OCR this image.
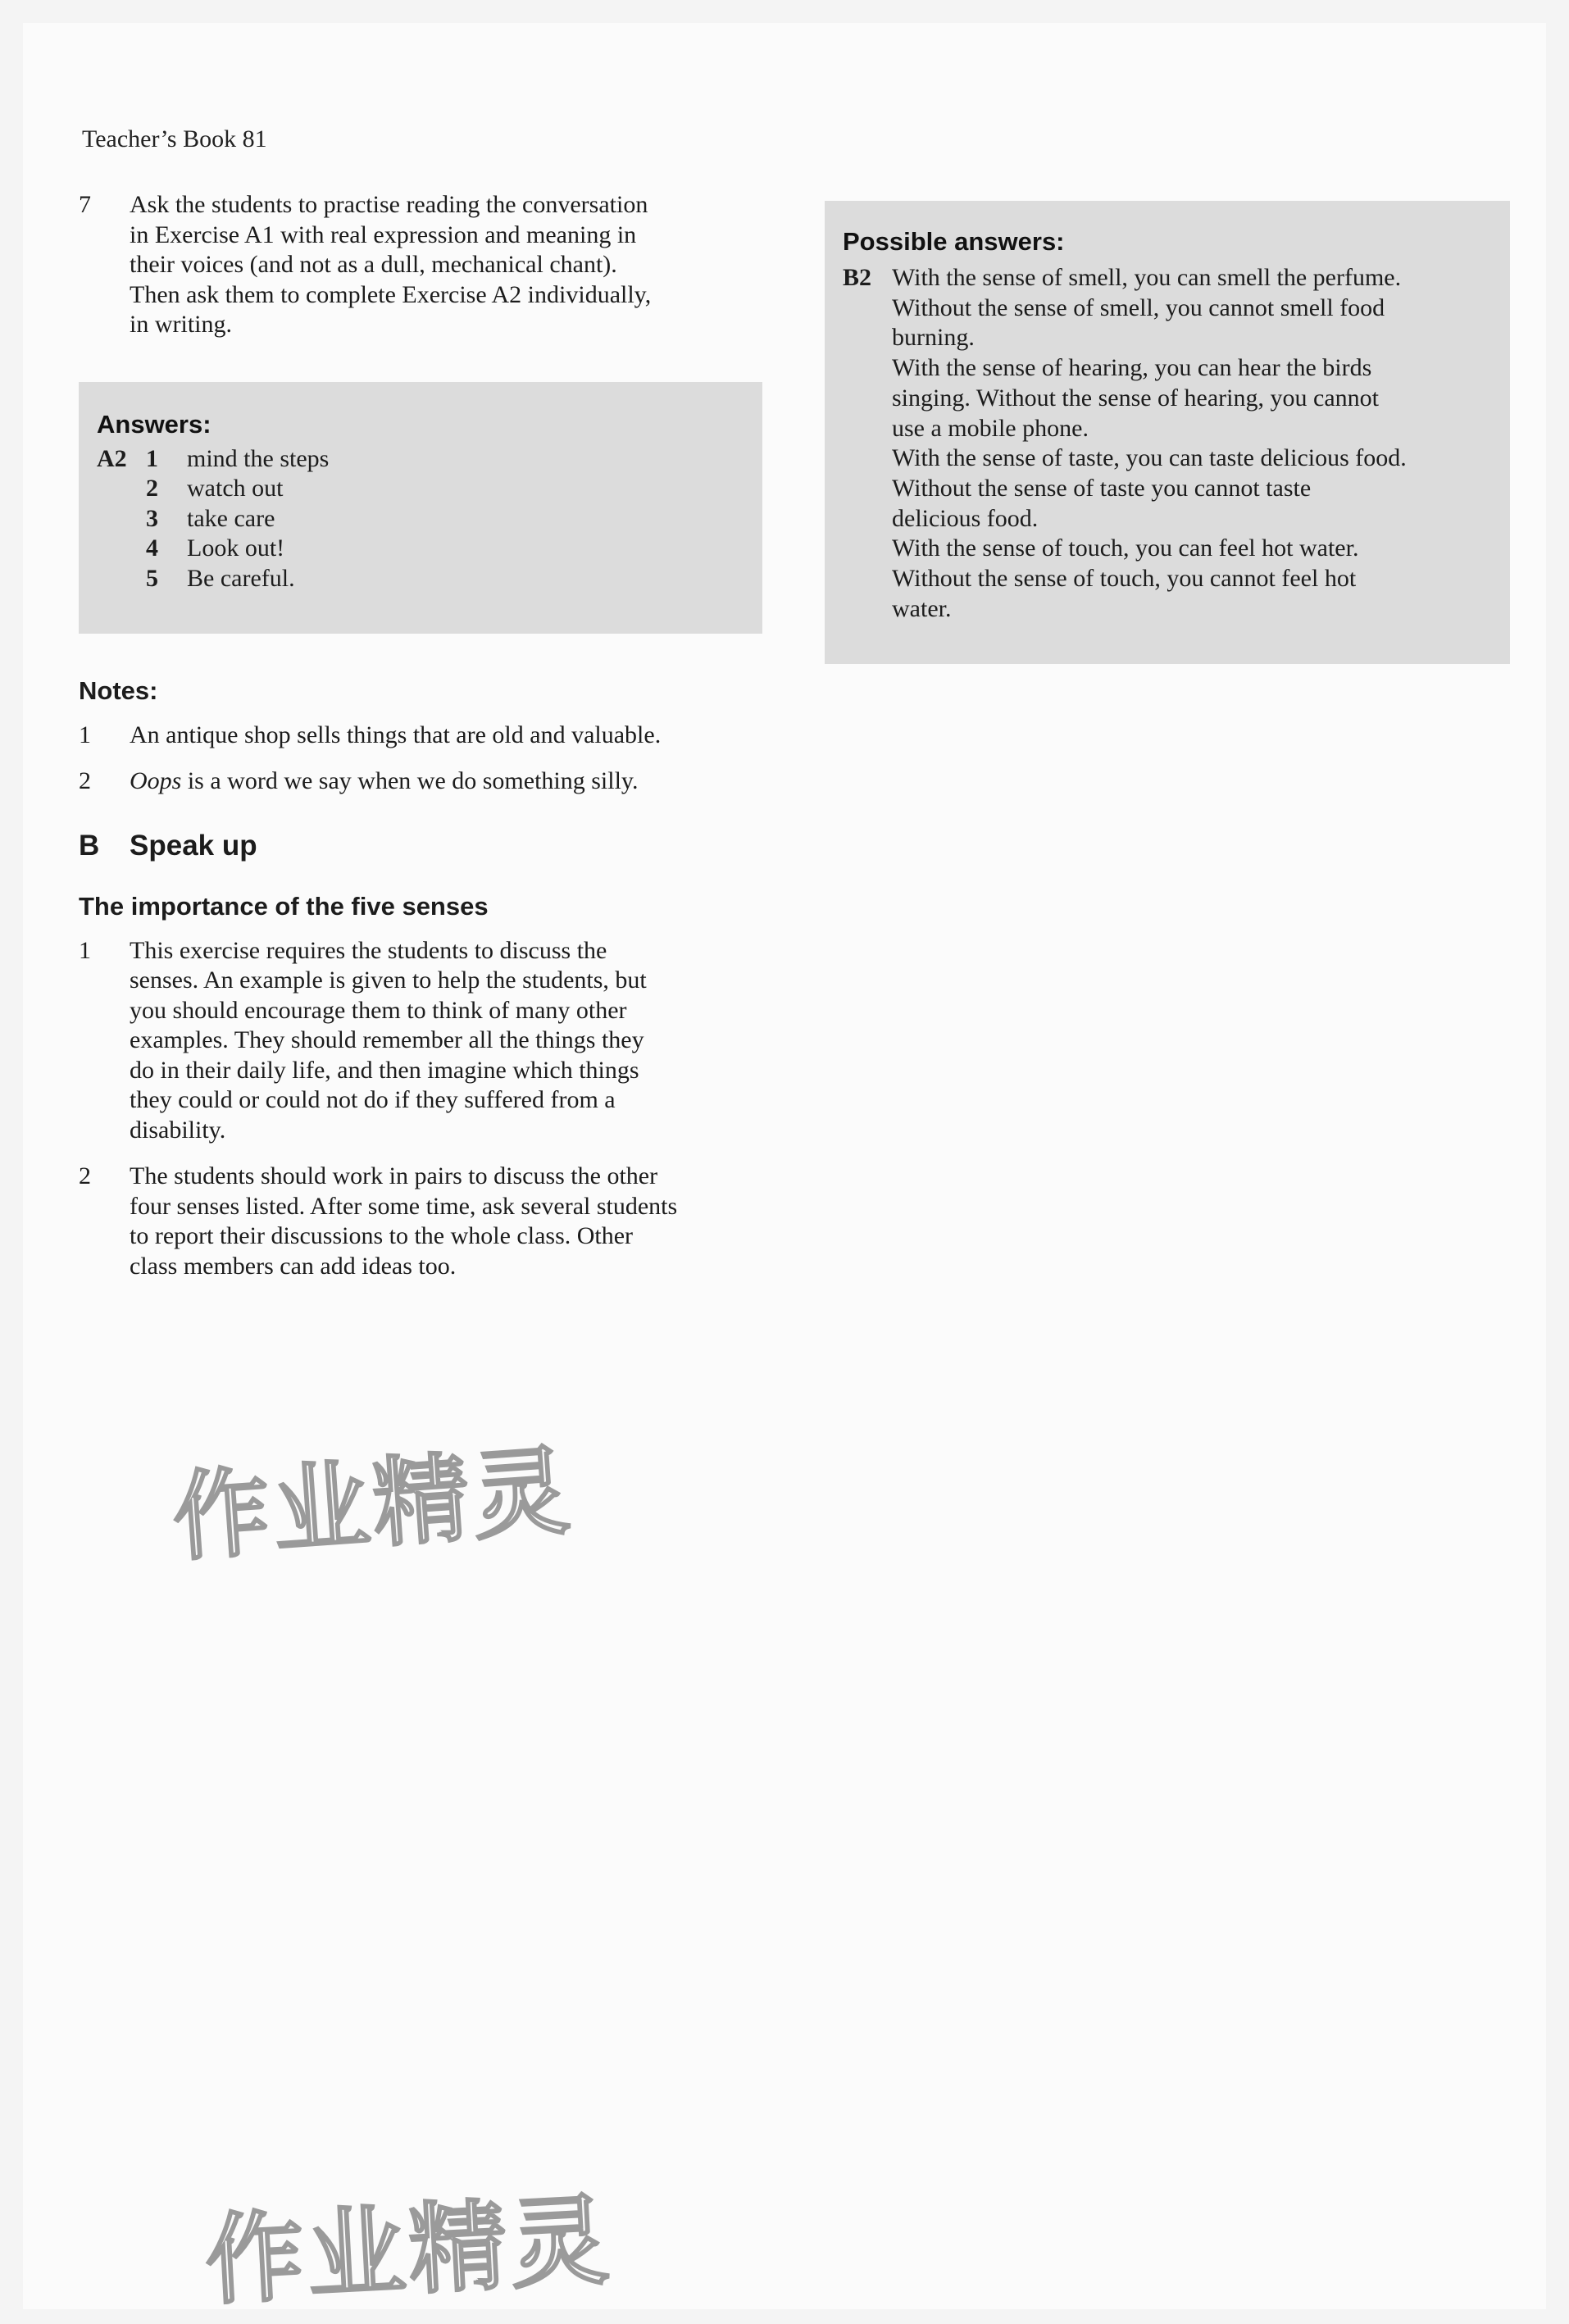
Teacher’s Book 81
7	Ask the students to practise reading the conversation
in Exercise A1 with real expression and meaning in
their voices (and not as a dull, mechanical chant).
Then ask them to complete Exercise A2 individually,
in writing.
Answers:
A2 1	mind the steps
2	watch out
3	take care
4	Look out!
5	Be careful.
Notes:
1	An antique shop sells things that are old and valuable.
2	Oops is a word we say when we do something silly.
B	Speak up
The importance of the five senses
1	This exercise requires the students to discuss the
senses. An example is given to help the students, but
you should encourage them to think of many other
examples. They should remember all the things they
do in their daily life, and then imagine which things
they could or could not do if they suffered from a
disability.
2	The students should work in pairs to discuss the other
four senses listed. After some time, ask several students
to report their discussions to the whole class. Other
class members can add ideas too.
Possible answers:
B2 With the sense of smell, you can smell the perfume.
Without the sense of smell, you cannot smell food
burning.
With the sense of hearing, you can hear the birds
singing. Without the sense of hearing, you cannot
use a mobile phone.
With the sense of taste, you can taste delicious food.
Without the sense of taste you cannot taste
delicious food.
With the sense of touch, you can feel hot water.
Without the sense of touch, you cannot feel hot
water.
作业精灵
作业精灵
